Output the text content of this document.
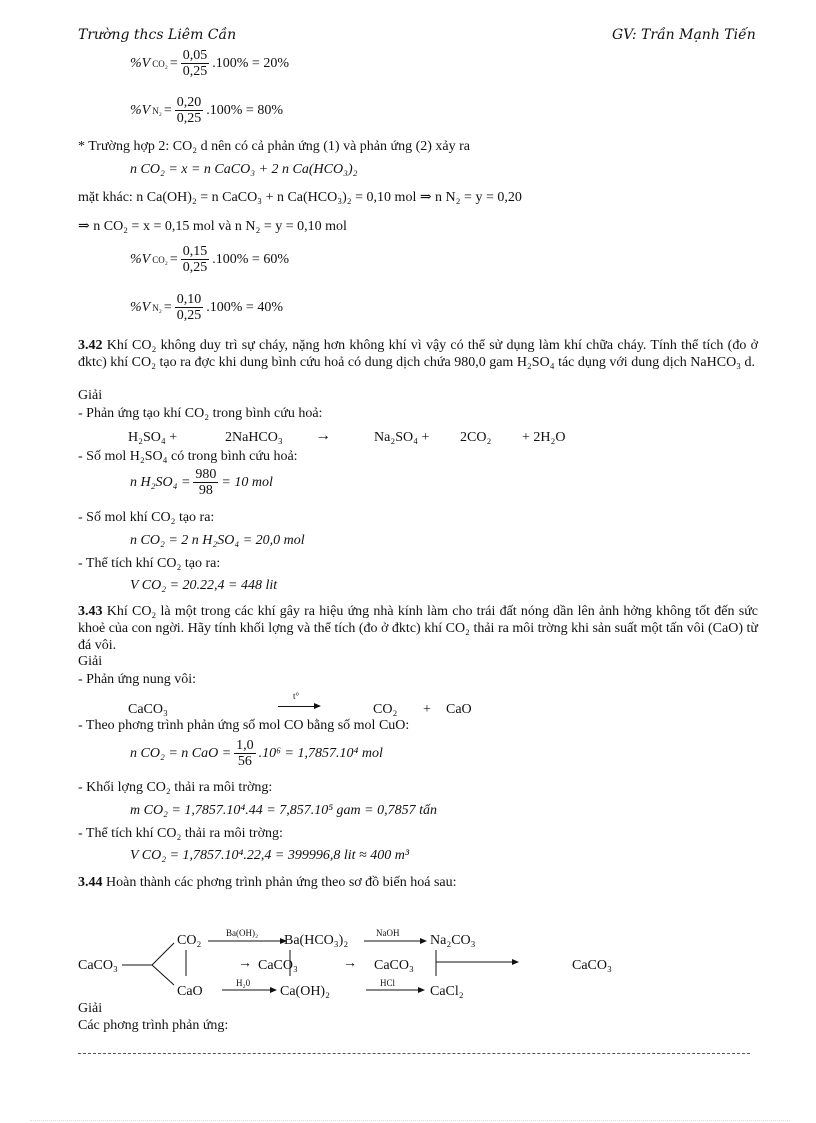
Trường thcs Liêm Cần	GV: Trần Mạnh Tiến
%V $CO_2 = \frac{0,05}{0,25} .100\% = 20\%$
%V $N_2 = \frac{0,20}{0,25} .100\% = 80\%$
* Trường hợp 2: CO₂ d nên có cả phản ứng (1) và phản ứng (2) xảy ra
n CO₂ = x = n CaCO₃ + 2 n Ca(HCO₃)₂
mặt khác: n Ca(OH)₂ = n CaCO₃ + n Ca(HCO₃)₂ = 0,10 mol ⇒ n N₂ = y = 0,20
⇒ n CO₂ = x = 0,15 mol và n N₂ = y = 0,10 mol
%V $CO_2 = \frac{0,15}{0,25} .100\% = 60\%$
%V $N_2 = \frac{0,10}{0,25} .100\% = 40\%$
3.42 Khí CO₂ không duy trì sự cháy, nặng hơn không khí vì vậy có thể sử dụng làm khí chữa cháy. Tính thể tích (đo ở đktc) khí CO₂ tạo ra đợc khi dung bình cứu hoả có dung dịch chứa 980,0 gam H₂SO₄ tác dụng với dung dịch NaHCO₃ d.
Giải
- Phản ứng tạo khí CO₂ trong bình cứu hoả:
H₂SO₄ +	2NaHCO₃ →	Na₂SO₄ + 2CO₂ + 2H₂O
- Số mol H₂SO₄ có trong bình cứu hoả:
n $H_2SO_4 = \frac{980}{98} = 10$ mol
- Số mol khí CO₂ tạo ra:
n CO₂ = 2 n H₂SO₄ = 20,0 mol
- Thể tích khí CO₂ tạo ra:
V CO₂ = 20.22,4 = 448 lit
3.43 Khí CO₂ là một trong các khí gây ra hiệu ứng nhà kính làm cho trái đất nóng dần lên ảnh hởng không tốt đến sức khoẻ của con ngời. Hãy tính khối lợng và thể tích (đo ở đktc) khí CO₂ thải ra môi trờng khi sản suất một tấn vôi (CaO) từ đá vôi.
Giải
- Phản ứng nung vôi:
CaCO₃
t°
CO₂ + CaO
- Theo phơng trình phản ứng số mol CO bằng số mol CuO:
n CO₂ = n CaO = $\frac{1,0}{56} .10^6 = 1,7857.10^4$ mol
- Khối lợng CO₂ thải ra môi trờng:
m CO₂ = 1,7857.10⁴.44 = 7,857.10⁵ gam = 0,7857 tấn
- Thể tích khí CO₂ thải ra môi trờng:
V CO₂ = 1,7857.10⁴.22,4 = 399996,8 lit ≈ 400 m³
3.44 Hoàn thành các phơng trình phản ứng theo sơ đồ biến hoá sau:
CaCO₃
CO₂	Ba(OH)₂ Ba(HCO₃)₂	NaOH Na₂CO₃
→ CaCO₃	→ CaCO₃	CaCO₃
CaO
H₂0
Ca(OH)₂
HCl
CaCl₂
Giải
Các phơng trình phản ứng:
